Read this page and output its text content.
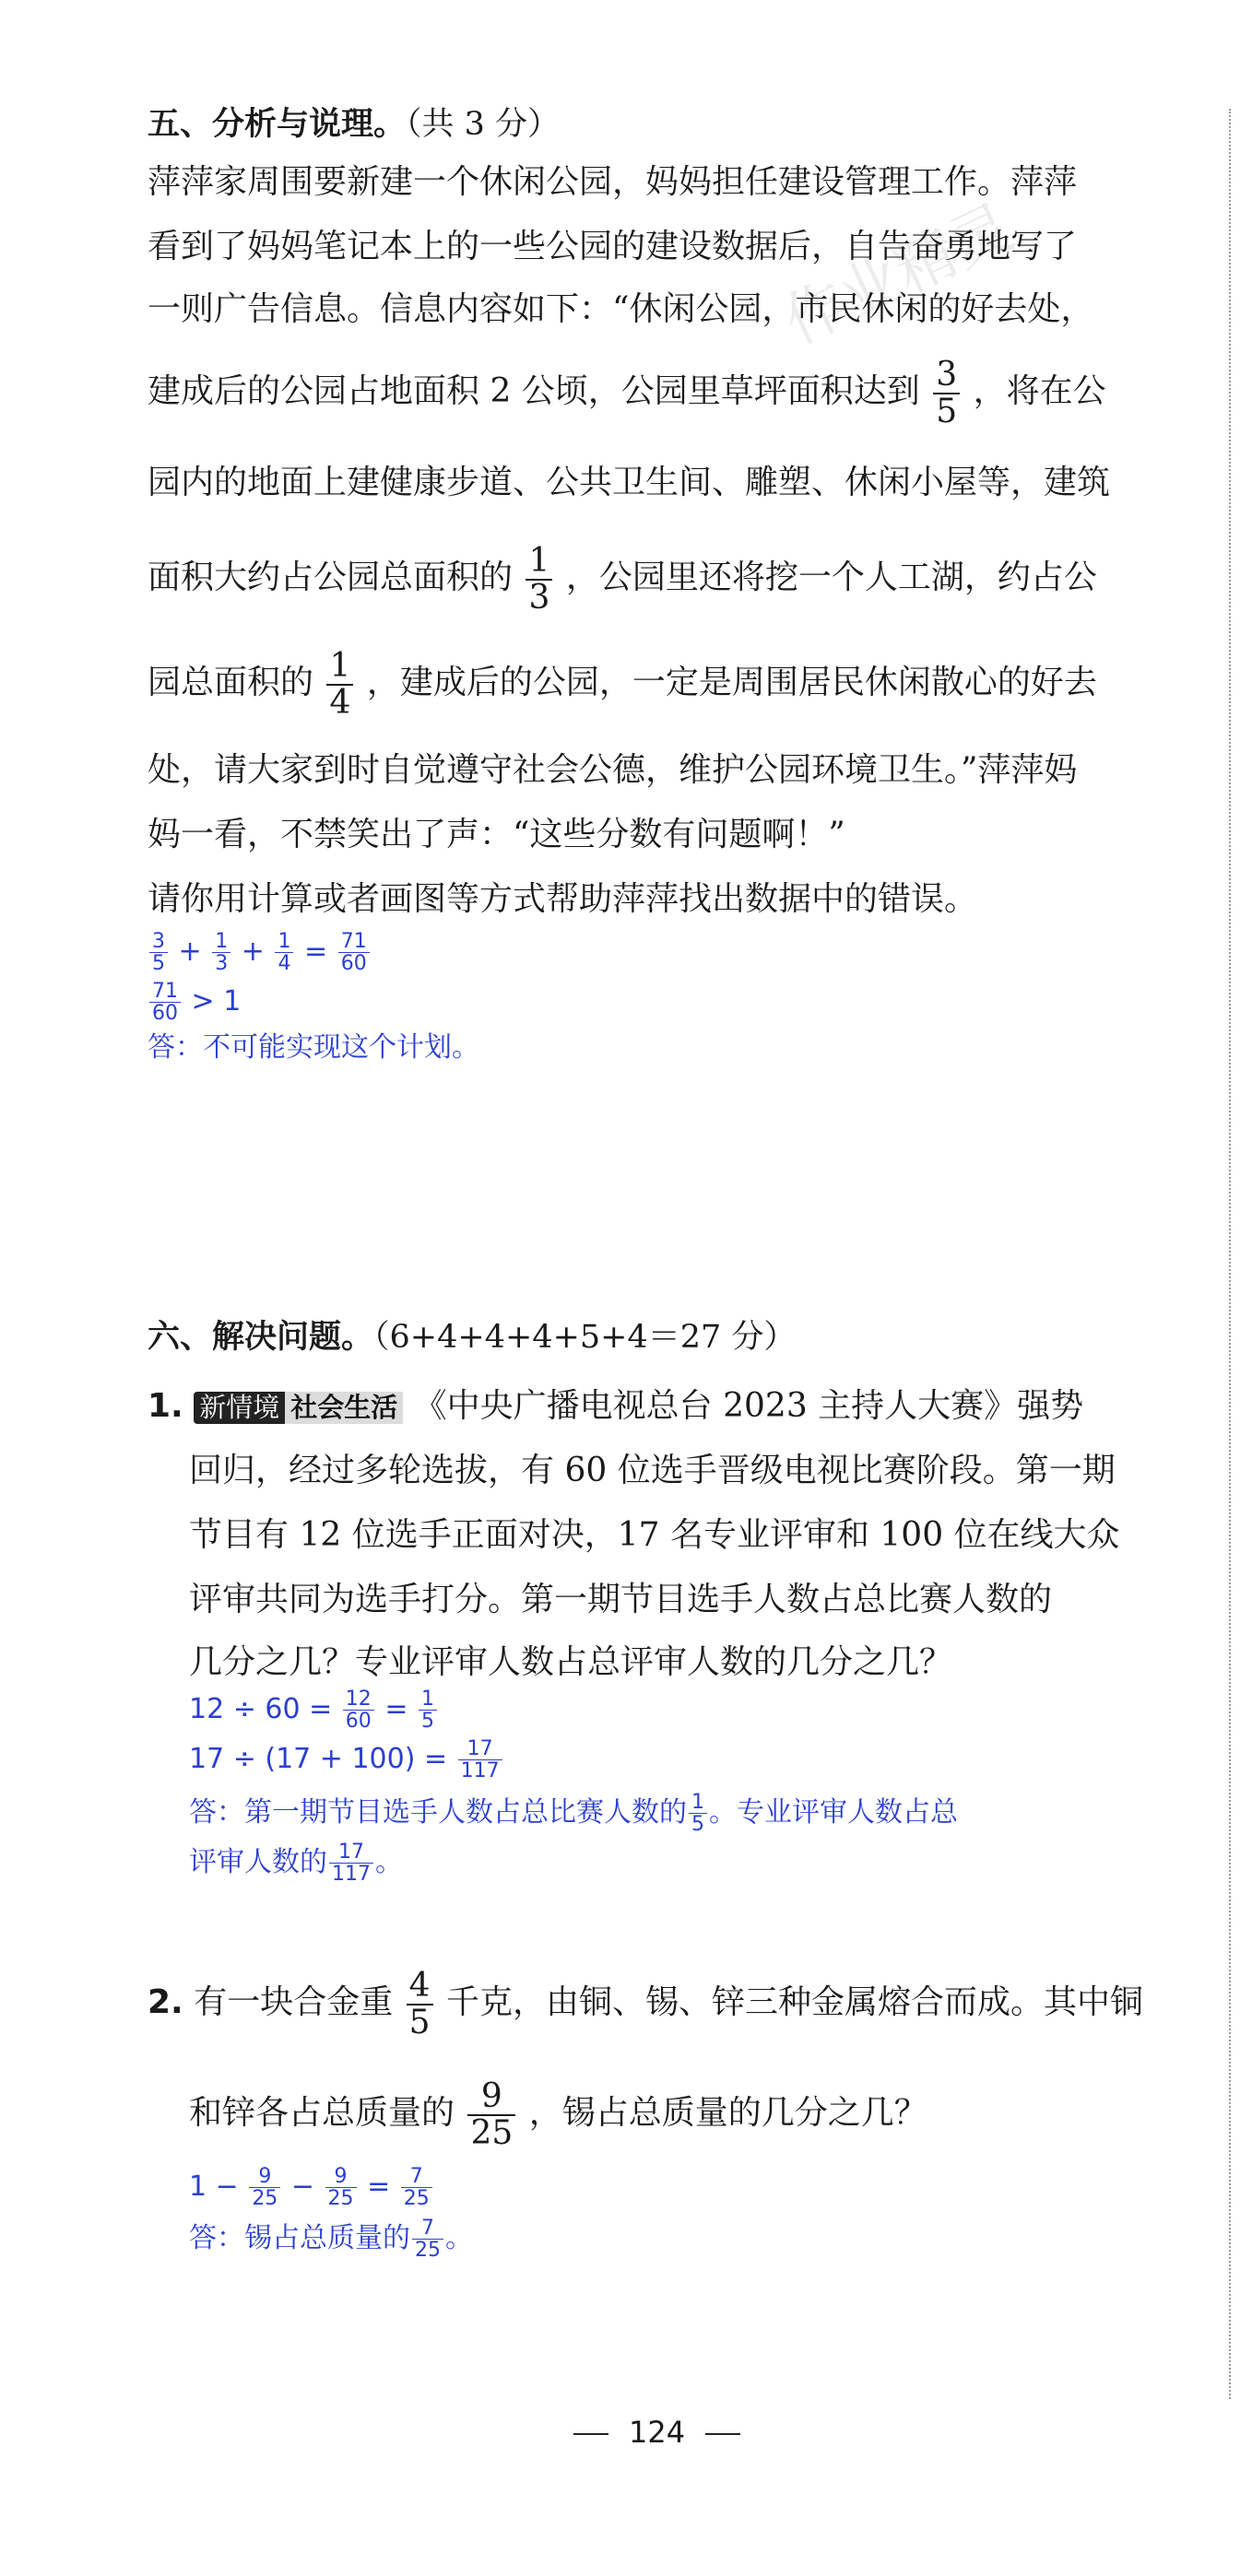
作业精灵
五、分析与说理。（共 3 分）
萍萍家周围要新建一个休闲公园，妈妈担任建设管理工作。萍萍
看到了妈妈笔记本上的一些公园的建设数据后，自告奋勇地写了
一则广告信息。信息内容如下：“休闲公园，市民休闲的好去处，
建成后的公园占地面积 2 公顷，公园里草坪面积达到 $\frac{3}{5}$ ，将在公
园内的地面上建健康步道、公共卫生间、雕塑、休闲小屋等，建筑
面积大约占公园总面积的 $\frac{1}{3}$ ，公园里还将挖一个人工湖，约占公
园总面积的 $\frac{1}{4}$ ，建成后的公园，一定是周围居民休闲散心的好去
处，请大家到时自觉遵守社会公德，维护公园环境卫生。”萍萍妈
妈一看，不禁笑出了声：“这些分数有问题啊！”
请你用计算或者画图等方式帮助萍萍找出数据中的错误。
$\frac{3}{5} + \frac{1}{3} + \frac{1}{4} = \frac{71}{60}$
$\frac{71}{60} > 1$
答：不可能实现这个计划。
六、解决问题。（6+4+4+4+5+4＝27 分）
1. 新情境 社会生活 《中央广播电视总台 2023 主持人大赛》强势
回归，经过多轮选拔，有 60 位选手晋级电视比赛阶段。第一期
节目有 12 位选手正面对决，17 名专业评审和 100 位在线大众
评审共同为选手打分。第一期节目选手人数占总比赛人数的
几分之几？专业评审人数占总评审人数的几分之几？
$12 \div 60 = \frac{12}{60} = \frac{1}{5}$
$17 \div (17 + 100) = \frac{17}{117}$
答：第一期节目选手人数占总比赛人数的 $\frac{1}{5}$ 。专业评审人数占总
评审人数的 $\frac{17}{117}$ 。
2. 有一块合金重 $\frac{4}{5}$ 千克，由铜、锡、锌三种金属熔合而成。其中铜
和锌各占总质量的 $\frac{9}{25}$ ，锡占总质量的几分之几？
$1 - \frac{9}{25} - \frac{9}{25} = \frac{7}{25}$
答：锡占总质量的 $\frac{7}{25}$ 。
124
